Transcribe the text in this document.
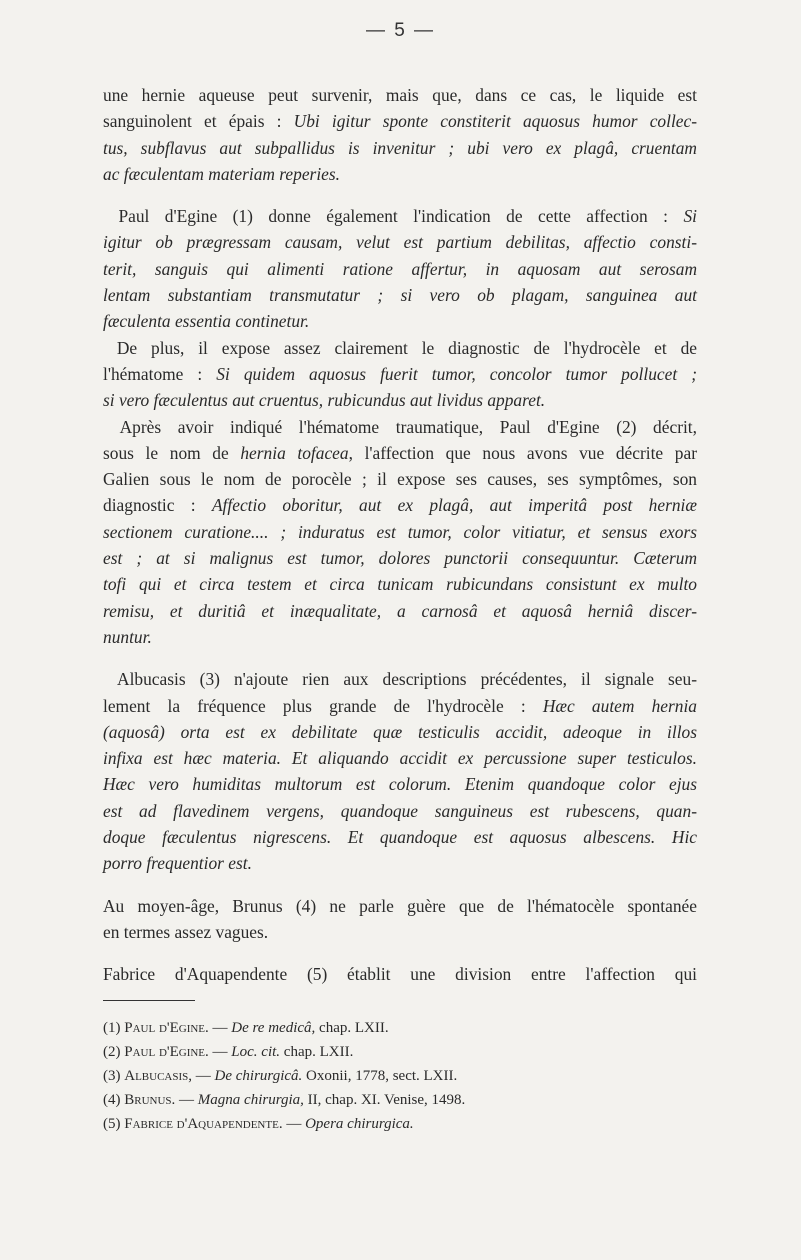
— 5 —

une hernie aqueuse peut survenir, mais que, dans ce cas, le liquide est
sanguinolent et épais : Ubi igitur sponte constiterit aquosus humor collec-
tus, subflavus aut subpallidus is invenitur ; ubi vero ex plagâ, cruentam
ac fæculentam materiam reperies.

Paul d'Egine (1) donne également l'indication de cette affection : Si
igitur ob prægressam causam, velut est partium debilitas, affectio consti-
terit, sanguis qui alimenti ratione affertur, in aquosam aut serosam
lentam substantiam transmutatur ; si vero ob plagam, sanguinea aut
fæculenta essentia continetur.
De plus, il expose assez clairement le diagnostic de l'hydrocèle et de
l'hématome : Si quidem aquosus fuerit tumor, concolor tumor pollucet ;
si vero fæculentus aut cruentus, rubicundus aut lividus apparet.
Après avoir indiqué l'hématome traumatique, Paul d'Egine (2) décrit,
sous le nom de hernia tofacea, l'affection que nous avons vue décrite par
Galien sous le nom de porocèle ; il expose ses causes, ses symptômes, son
diagnostic : Affectio oboritur, aut ex plagâ, aut imperitâ post herniæ
sectionem curatione.... ; induratus est tumor, color vitiatur, et sensus exors
est ; at si malignus est tumor, dolores punctorii consequuntur. Cæterum
tofi qui et circa testem et circa tunicam rubicundans consistunt ex multo
remisu, et duritiâ et inæqualitate, a carnosâ et aquosâ herniâ discer-
nuntur.

Albucasis (3) n'ajoute rien aux descriptions précédentes, il signale seu-
lement la fréquence plus grande de l'hydrocèle : Hæc autem hernia
(aquosâ) orta est ex debilitate quæ testiculis accidit, adeoque in illos
infixa est hæc materia. Et aliquando accidit ex percussione super testiculos.
Hæc vero humiditas multorum est colorum. Etenim quandoque color ejus
est ad flavedinem vergens, quandoque sanguineus est rubescens, quan-
doque fæculentus nigrescens. Et quandoque est aquosus albescens. Hic
porro frequentior est.

Au moyen-âge, Brunus (4) ne parle guère que de l'hématocèle spontanée
en termes assez vagues.

Fabrice d'Aquapendente (5) établit une division entre l'affection qui

(1) Paul d'Egine. — De re medicâ, chap. LXII.
(2) Paul d'Egine. — Loc. cit. chap. LXII.
(3) Albucasis, — De chirurgicâ. Oxonii, 1778, sect. LXII.
(4) Brunus. — Magna chirurgia, II, chap. XI. Venise, 1498.
(5) Fabrice d'Aquapendente. — Opera chirurgica.
